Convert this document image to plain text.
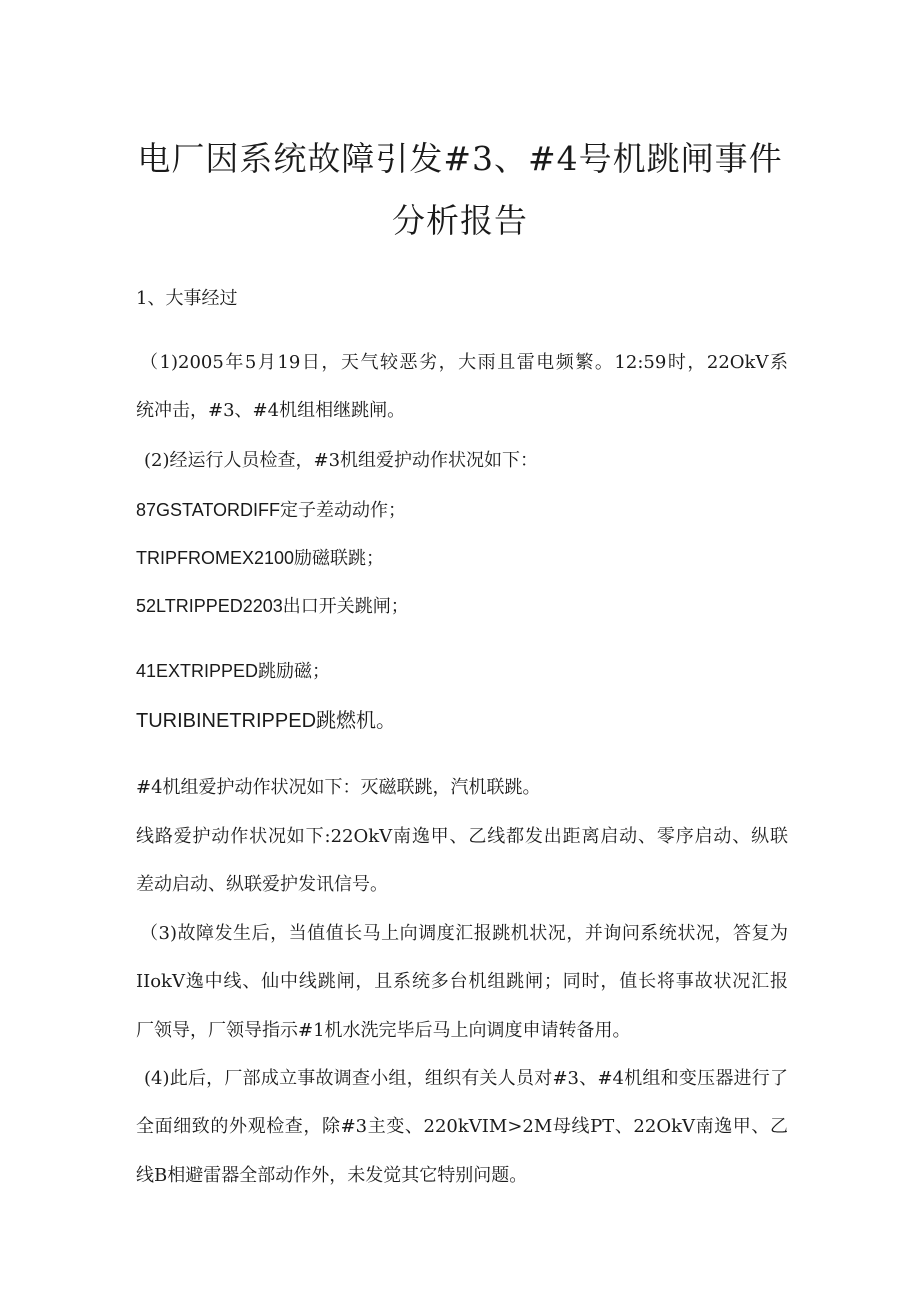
电厂因系统故障引发#3、#4号机跳闸事件
分析报告
1、大事经过
（1)2005年5月19日，天气较恶劣，大雨且雷电频繁。12:59时，22OkV系
统冲击，#3、#4机组相继跳闸。
(2)经运行人员检查，#3机组爱护动作状况如下：
87GSTATORDIFF定子差动动作；
TRIPFROMEX2100励磁联跳；
52LTRIPPED2203出口开关跳闸；
41EXTRIPPED跳励磁；
TURIBINETRIPPED跳燃机。
#4机组爱护动作状况如下：灭磁联跳，汽机联跳。
线路爱护动作状况如下:22OkV南逸甲、乙线都发出距离启动、零序启动、纵联
差动启动、纵联爱护发讯信号。
（3)故障发生后，当值值长马上向调度汇报跳机状况，并询问系统状况，答复为
IIokV逸中线、仙中线跳闸，且系统多台机组跳闸；同时，值长将事故状况汇报
厂领导，厂领导指示#1机水洗完毕后马上向调度申请转备用。
(4)此后，厂部成立事故调查小组，组织有关人员对#3、#4机组和变压器进行了
全面细致的外观检查，除#3主变、220kVIM>2M母线PT、22OkV南逸甲、乙
线B相避雷器全部动作外，未发觉其它特别问题。
